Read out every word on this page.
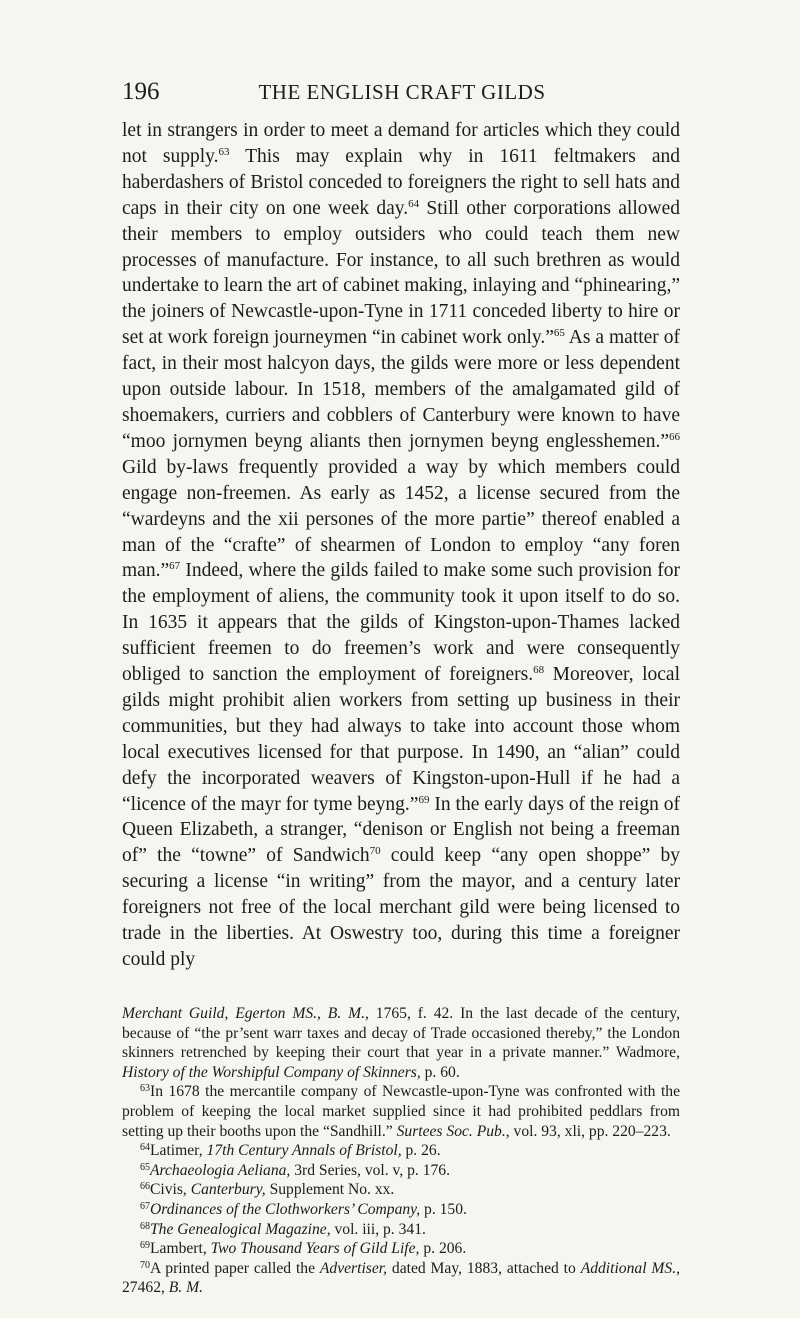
196	THE ENGLISH CRAFT GILDS

let in strangers in order to meet a demand for articles which they could not supply.$^{63}$ This may explain why in 1611 feltmakers and haberdashers of Bristol conceded to foreigners the right to sell hats and caps in their city on one week day.$^{64}$ Still other corporations allowed their members to employ outsiders who could teach them new processes of manufacture. For instance, to all such brethren as would undertake to learn the art of cabinet making, inlaying and “phinearing,” the joiners of Newcastle-upon-Tyne in 1711 conceded liberty to hire or set at work foreign journeymen “in cabinet work only.”$^{65}$ As a matter of fact, in their most halcyon days, the gilds were more or less dependent upon outside labour. In 1518, members of the amalgamated gild of shoemakers, curriers and cobblers of Canterbury were known to have “moo jornymen beyng aliants then jornymen beyng englesshemen.”$^{66}$ Gild by-laws frequently provided a way by which members could engage non-freemen. As early as 1452, a license secured from the “wardeyns and the xii persones of the more partie” thereof enabled a man of the “crafte” of shearmen of London to employ “any foren man.”$^{67}$ Indeed, where the gilds failed to make some such provision for the employment of aliens, the community took it upon itself to do so. In 1635 it appears that the gilds of Kingston-upon-Thames lacked sufficient freemen to do freemen’s work and were consequently obliged to sanction the employment of foreigners.$^{68}$ Moreover, local gilds might prohibit alien workers from setting up business in their communities, but they had always to take into account those whom local executives licensed for that purpose. In 1490, an “alian” could defy the incorporated weavers of Kingston-upon-Hull if he had a “licence of the mayr for tyme beyng.”$^{69}$ In the early days of the reign of Queen Elizabeth, a stranger, “denison or English not being a freeman of” the “towne” of Sandwich$^{70}$ could keep “any open shoppe” by securing a license “in writing” from the mayor, and a century later foreigners not free of the local merchant gild were being licensed to trade in the liberties. At Oswestry too, during this time a foreigner could ply

Merchant Guild, Egerton MS., B. M., 1765, f. 42. In the last decade of the century, because of “the pr’sent warr taxes and decay of Trade occasioned thereby,” the London skinners retrenched by keeping their court that year in a private manner.” Wadmore, History of the Worshipful Company of Skinners, p. 60.

$^{63}$In 1678 the mercantile company of Newcastle-upon-Tyne was confronted with the problem of keeping the local market supplied since it had prohibited peddlars from setting up their booths upon the “Sandhill.” Surtees Soc. Pub., vol. 93, xli, pp. 220–223.

$^{64}$Latimer, 17th Century Annals of Bristol, p. 26.

$^{65}$Archaeologia Aeliana, 3rd Series, vol. v, p. 176.

$^{66}$Civis, Canterbury, Supplement No. xx.

$^{67}$Ordinances of the Clothworkers’ Company, p. 150.

$^{68}$The Genealogical Magazine, vol. iii, p. 341.

$^{69}$Lambert, Two Thousand Years of Gild Life, p. 206.

$^{70}$A printed paper called the Advertiser, dated May, 1883, attached to Additional MS., 27462, B. M.
